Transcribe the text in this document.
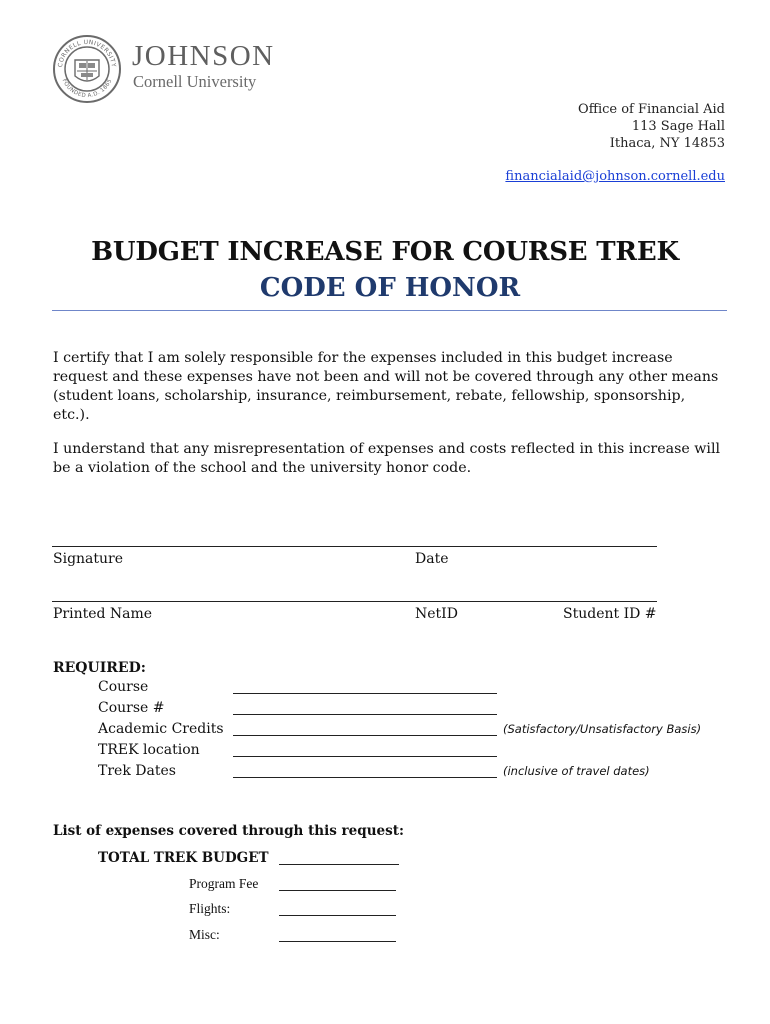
CORNELL UNIVERSITY
FOUNDED A.D. 1865
JOHNSON
Cornell University
Office of Financial Aid
113 Sage Hall
Ithaca, NY 14853
financialaid@johnson.cornell.edu
BUDGET INCREASE FOR COURSE TREK
CODE OF HONOR

I certify that I am solely responsible for the expenses included in this budget increase request and these expenses have not been and will not be covered through any other means (student loans, scholarship, insurance, reimbursement, rebate, fellowship, sponsorship, etc.).

I understand that any misrepresentation of expenses and costs reflected in this increase will be a violation of the school and the university honor code.

Signature	Date
Printed Name	NetID	Student ID #
REQUIRED:
Course
Course #
Academic Credits	(Satisfactory/Unsatisfactory Basis)
TREK location
Trek Dates	(inclusive of travel dates)
List of expenses covered through this request:
TOTAL TREK BUDGET
Program Fee
Flights:
Misc:
